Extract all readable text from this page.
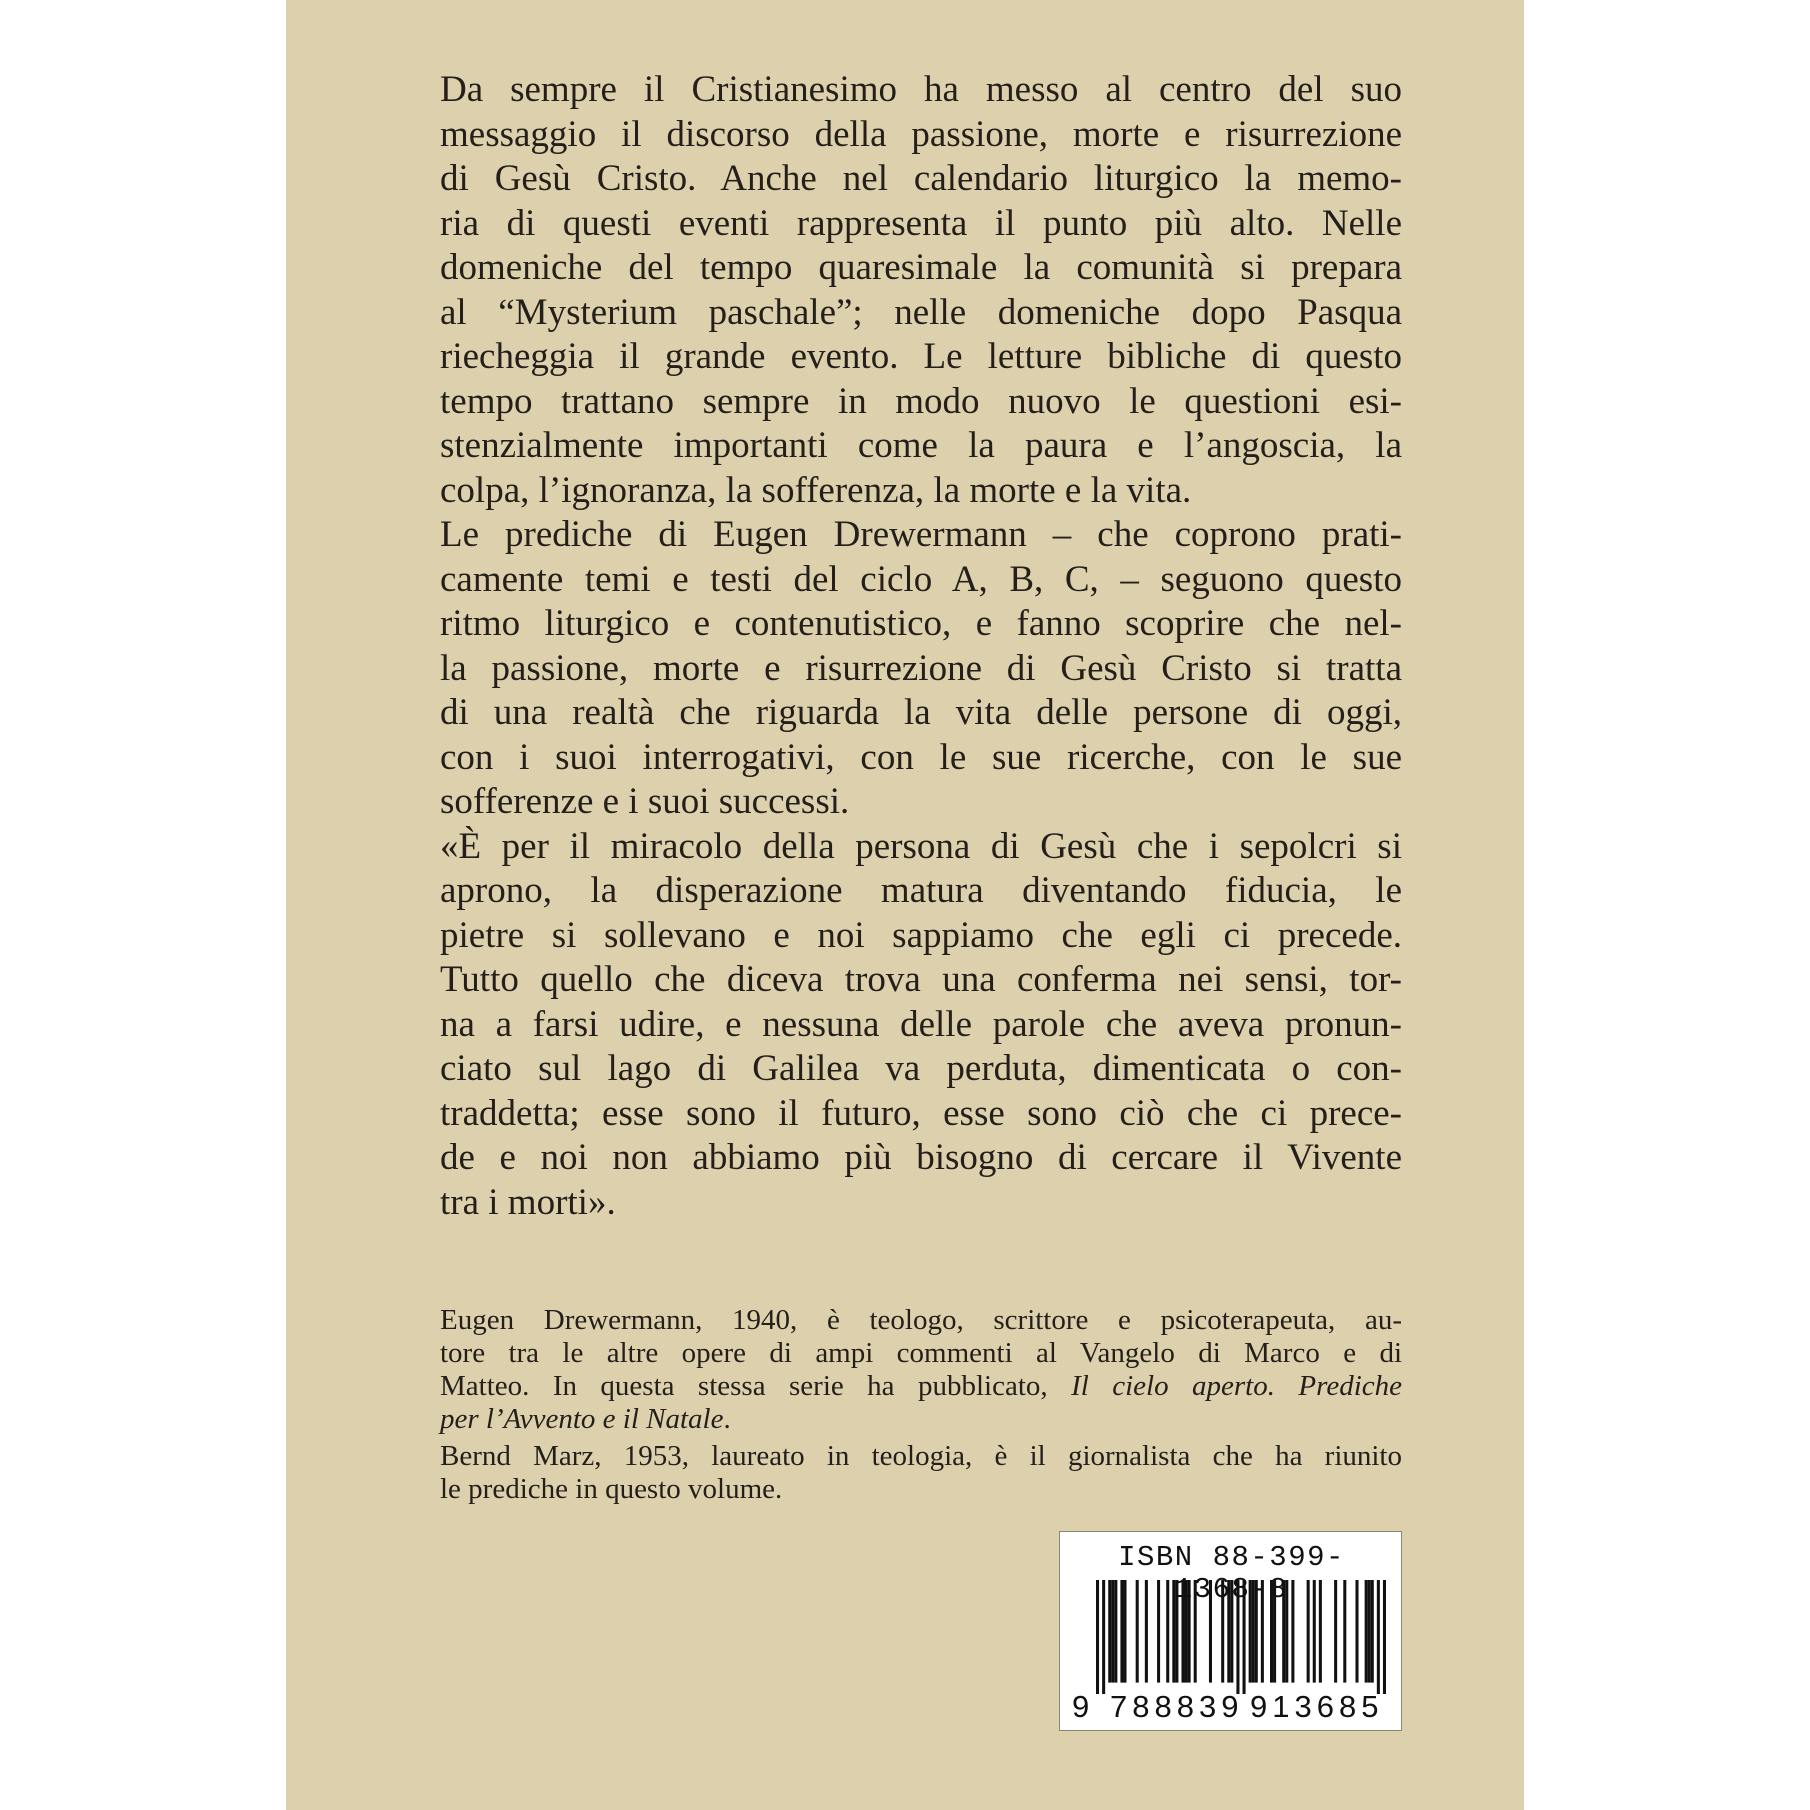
Da sempre il Cristianesimo ha messo al centro del suo
messaggio il discorso della passione, morte e risurrezione
di Gesù Cristo. Anche nel calendario liturgico la memo-
ria di questi eventi rappresenta il punto più alto. Nelle
domeniche del tempo quaresimale la comunità si prepara
al “Mysterium paschale”; nelle domeniche dopo Pasqua
riecheggia il grande evento. Le letture bibliche di questo
tempo trattano sempre in modo nuovo le questioni esi-
stenzialmente importanti come la paura e l’angoscia, la
colpa, l’ignoranza, la sofferenza, la morte e la vita.
Le prediche di Eugen Drewermann – che coprono prati-
camente temi e testi del ciclo A, B, C, – seguono questo
ritmo liturgico e contenutistico, e fanno scoprire che nel-
la passione, morte e risurrezione di Gesù Cristo si tratta
di una realtà che riguarda la vita delle persone di oggi,
con i suoi interrogativi, con le sue ricerche, con le sue
sofferenze e i suoi successi.
«È per il miracolo della persona di Gesù che i sepolcri si
aprono, la disperazione matura diventando fiducia, le
pietre si sollevano e noi sappiamo che egli ci precede.
Tutto quello che diceva trova una conferma nei sensi, tor-
na a farsi udire, e nessuna delle parole che aveva pronun-
ciato sul lago di Galilea va perduta, dimenticata o con-
traddetta; esse sono il futuro, esse sono ciò che ci prece-
de e noi non abbiamo più bisogno di cercare il Vivente
tra i morti».
Eugen Drewermann, 1940, è teologo, scrittore e psicoterapeuta, au-
tore tra le altre opere di ampi commenti al Vangelo di Marco e di
Matteo. In questa stessa serie ha pubblicato, Il cielo aperto. Prediche
per l’Avvento e il Natale.
Bernd Marz, 1953, laureato in teologia, è il giornalista che ha riunito
le prediche in questo volume.
ISBN 88-399- 3 8-8
9 788839 913685
